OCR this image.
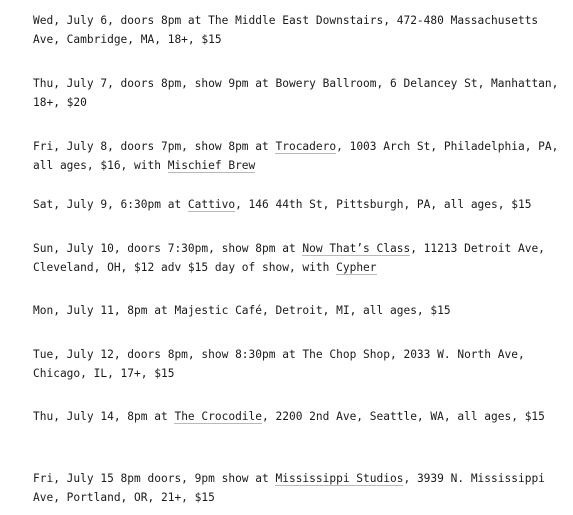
Wed, July 6, doors 8pm at The Middle East Downstairs, 472-480 Massachusetts Ave, Cambridge, MA, 18+, $15

Thu, July 7, doors 8pm, show 9pm at Bowery Ballroom, 6 Delancey St, Manhattan, 18+, $20

Fri, July 8, doors 7pm, show 8pm at Trocadero, 1003 Arch St, Philadelphia, PA, all ages, $16, with Mischief Brew

Sat, July 9, 6:30pm at Cattivo, 146 44th St, Pittsburgh, PA, all ages, $15

Sun, July 10, doors 7:30pm, show 8pm at Now That’s Class, 11213 Detroit Ave, Cleveland, OH, $12 adv $15 day of show, with Cypher

Mon, July 11, 8pm at Majestic Café, Detroit, MI, all ages, $15

Tue, July 12, doors 8pm, show 8:30pm at The Chop Shop, 2033 W. North Ave, Chicago, IL, 17+, $15

Thu, July 14, 8pm at The Crocodile, 2200 2nd Ave, Seattle, WA, all ages, $15

Fri, July 15 8pm doors, 9pm show at Mississippi Studios, 3939 N. Mississippi Ave, Portland, OR, 21+, $15
